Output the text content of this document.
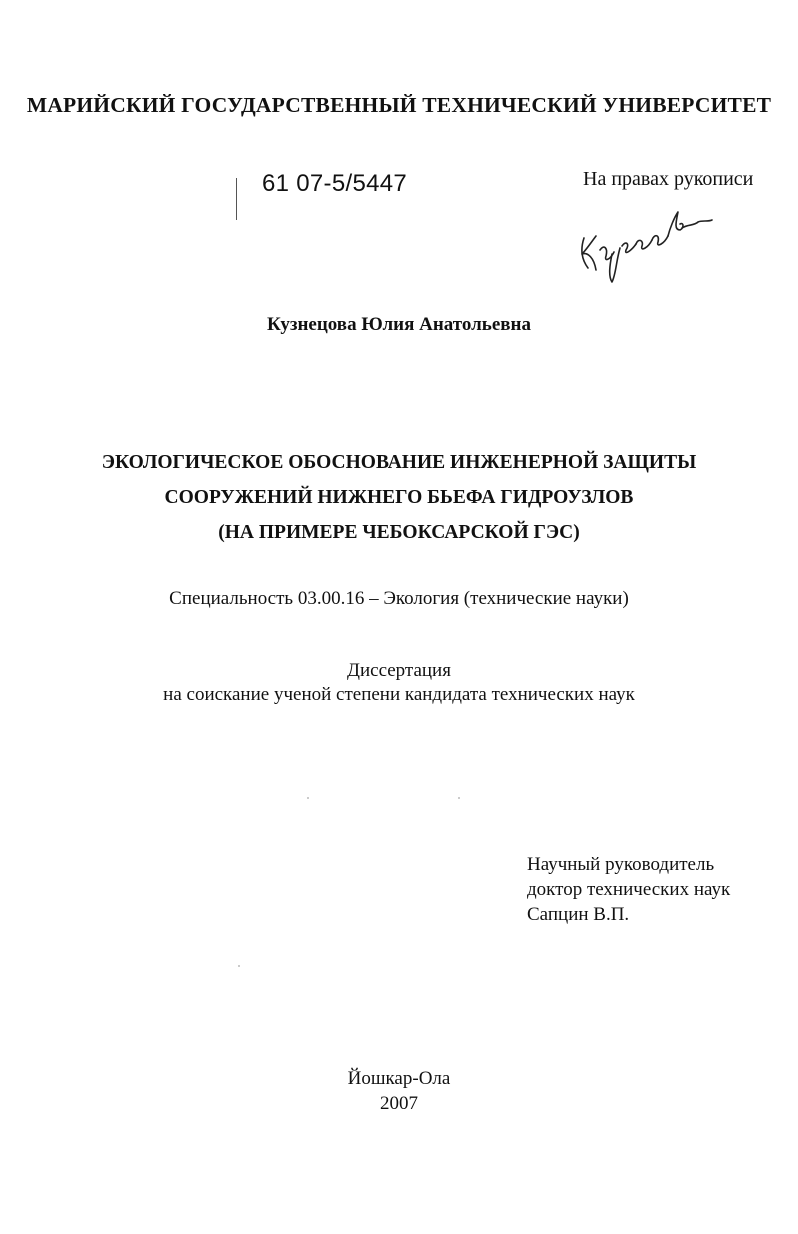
МАРИЙСКИЙ ГОСУДАРСТВЕННЫЙ ТЕХНИЧЕСКИЙ УНИВЕРСИТЕТ
61 07-5/5447	На правах рукописи
Кузнецова Юлия Анатольевна
ЭКОЛОГИЧЕСКОЕ ОБОСНОВАНИЕ ИНЖЕНЕРНОЙ ЗАЩИТЫ
СООРУЖЕНИЙ НИЖНЕГО БЬЕФА ГИДРОУЗЛОВ
(НА ПРИМЕРЕ ЧЕБОКСАРСКОЙ ГЭС)
Специальность 03.00.16 – Экология (технические науки)
Диссертация
на соискание ученой степени кандидата технических наук
Научный руководитель
доктор технических наук
Сапцин В.П.
Йошкар-Ола
2007
